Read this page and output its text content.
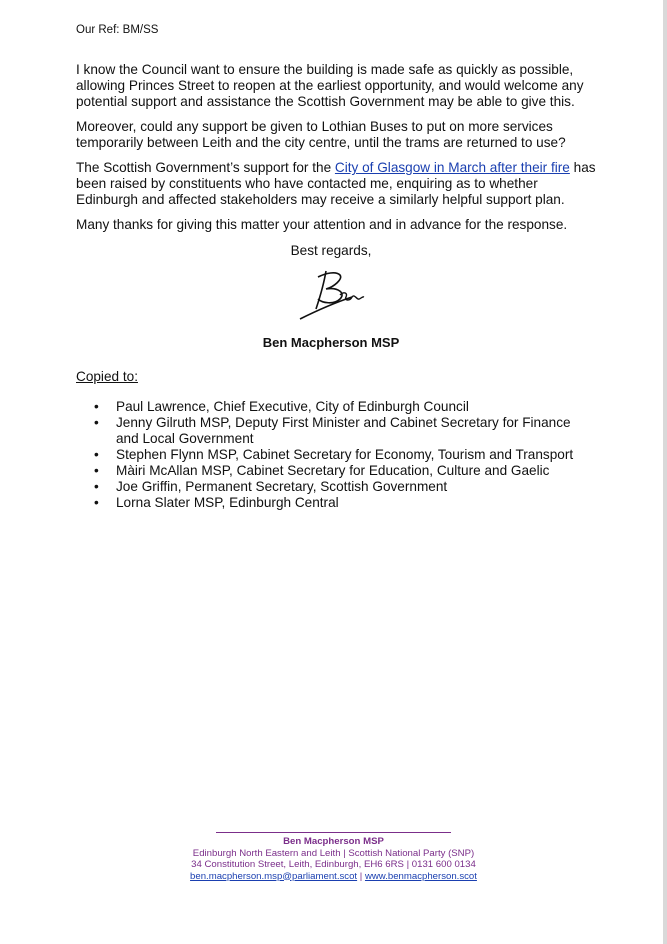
Our Ref: BM/SS

I know the Council want to ensure the building is made safe as quickly as possible, allowing Princes Street to reopen at the earliest opportunity, and would welcome any potential support and assistance the Scottish Government may be able to give this.

Moreover, could any support be given to Lothian Buses to put on more services temporarily between Leith and the city centre, until the trams are returned to use?

The Scottish Government’s support for the City of Glasgow in March after their fire has been raised by constituents who have contacted me, enquiring as to whether Edinburgh and affected stakeholders may receive a similarly helpful support plan.

Many thanks for giving this matter your attention and in advance for the response.

Best regards,

Ben Macpherson MSP

Copied to:

• Paul Lawrence, Chief Executive, City of Edinburgh Council
• Jenny Gilruth MSP, Deputy First Minister and Cabinet Secretary for Finance and Local Government
• Stephen Flynn MSP, Cabinet Secretary for Economy, Tourism and Transport
• Màiri McAllan MSP, Cabinet Secretary for Education, Culture and Gaelic
• Joe Griffin, Permanent Secretary, Scottish Government
• Lorna Slater MSP, Edinburgh Central
Ben Macpherson MSP
Edinburgh North Eastern and Leith | Scottish National Party (SNP)
34 Constitution Street, Leith, Edinburgh, EH6 6RS | 0131 600 0134
ben.macpherson.msp@parliament.scot | www.benmacpherson.scot
